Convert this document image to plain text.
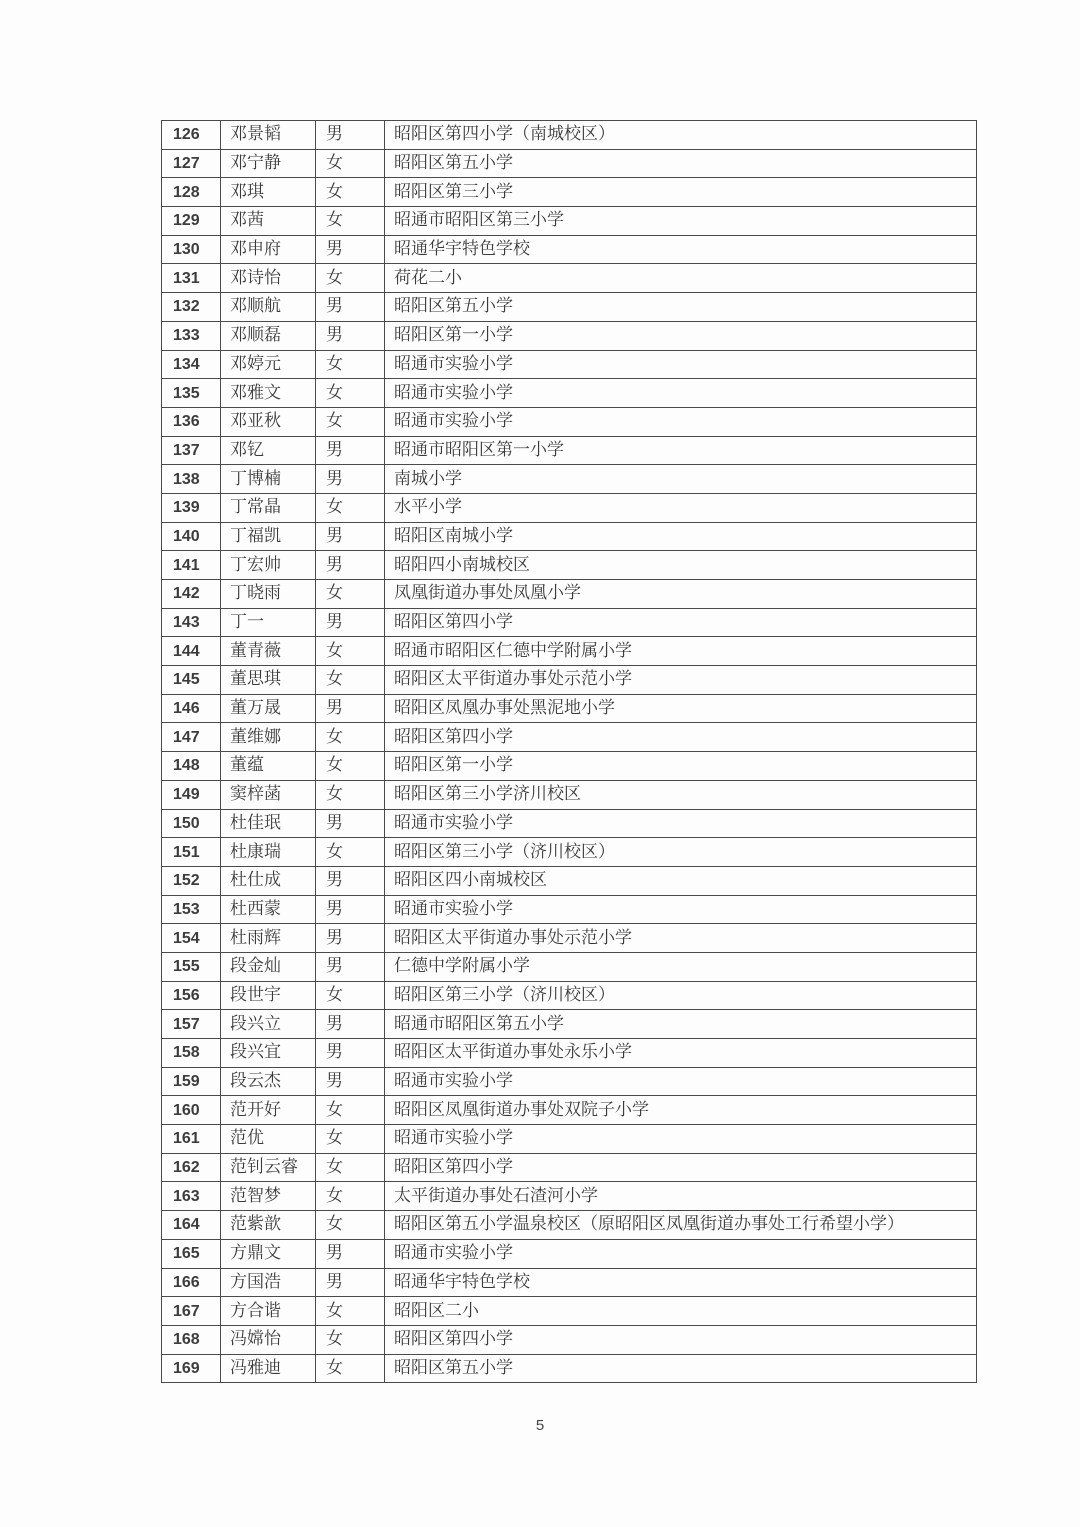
126	邓景韬	男	昭阳区第四小学（南城校区）
127	邓宁静	女	昭阳区第五小学
128	邓琪	女	昭阳区第三小学
129	邓茜	女	昭通市昭阳区第三小学
130	邓申府	男	昭通华宇特色学校
131	邓诗怡	女	荷花二小
132	邓顺航	男	昭阳区第五小学
133	邓顺磊	男	昭阳区第一小学
134	邓婷元	女	昭通市实验小学
135	邓雅文	女	昭通市实验小学
136	邓亚秋	女	昭通市实验小学
137	邓钇	男	昭通市昭阳区第一小学
138	丁博楠	男	南城小学
139	丁常晶	女	水平小学
140	丁福凯	男	昭阳区南城小学
141	丁宏帅	男	昭阳四小南城校区
142	丁晓雨	女	凤凰街道办事处凤凰小学
143	丁一	男	昭阳区第四小学
144	董青薇	女	昭通市昭阳区仁德中学附属小学
145	董思琪	女	昭阳区太平街道办事处示范小学
146	董万晟	男	昭阳区凤凰办事处黑泥地小学
147	董维娜	女	昭阳区第四小学
148	董蕴	女	昭阳区第一小学
149	窦梓菡	女	昭阳区第三小学济川校区
150	杜佳珉	男	昭通市实验小学
151	杜康瑞	女	昭阳区第三小学（济川校区）
152	杜仕成	男	昭阳区四小南城校区
153	杜西蒙	男	昭通市实验小学
154	杜雨辉	男	昭阳区太平街道办事处示范小学
155	段金灿	男	仁德中学附属小学
156	段世宇	女	昭阳区第三小学（济川校区）
157	段兴立	男	昭通市昭阳区第五小学
158	段兴宜	男	昭阳区太平街道办事处永乐小学
159	段云杰	男	昭通市实验小学
160	范开好	女	昭阳区凤凰街道办事处双院子小学
161	范优	女	昭通市实验小学
162	范钊云睿	女	昭阳区第四小学
163	范智梦	女	太平街道办事处石渣河小学
164	范紫歆	女	昭阳区第五小学温泉校区（原昭阳区凤凰街道办事处工行希望小学）
165	方鼎文	男	昭通市实验小学
166	方国浩	男	昭通华宇特色学校
167	方合谐	女	昭阳区二小
168	冯嫦怡	女	昭阳区第四小学
169	冯雅迪	女	昭阳区第五小学
5
